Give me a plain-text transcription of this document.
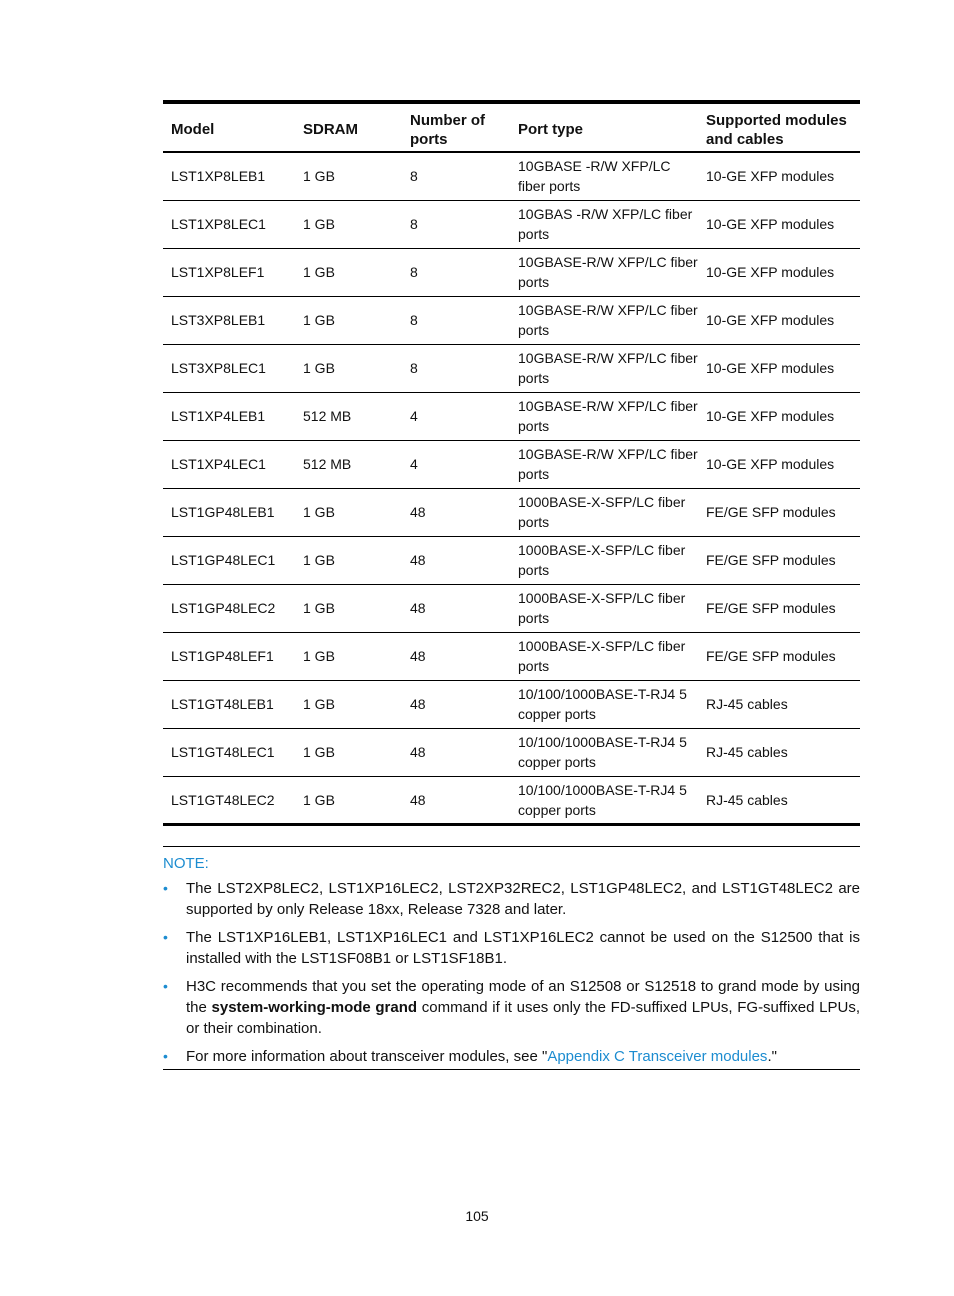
Model	SDRAM	Number of ports	Port type	Supported modules and cables
LST1XP8LEB1	1 GB	8	10GBASE -R/W XFP/LC fiber ports	10-GE XFP modules
LST1XP8LEC1	1 GB	8	10GBAS -R/W XFP/LC fiber ports	10-GE XFP modules
LST1XP8LEF1	1 GB	8	10GBASE-R/W XFP/LC fiber ports	10-GE XFP modules
LST3XP8LEB1	1 GB	8	10GBASE-R/W XFP/LC fiber ports	10-GE XFP modules
LST3XP8LEC1	1 GB	8	10GBASE-R/W XFP/LC fiber ports	10-GE XFP modules
LST1XP4LEB1	512 MB	4	10GBASE-R/W XFP/LC fiber ports	10-GE XFP modules
LST1XP4LEC1	512 MB	4	10GBASE-R/W XFP/LC fiber ports	10-GE XFP modules
LST1GP48LEB1	1 GB	48	1000BASE-X-SFP/LC fiber ports	FE/GE SFP modules
LST1GP48LEC1	1 GB	48	1000BASE-X-SFP/LC fiber ports	FE/GE SFP modules
LST1GP48LEC2	1 GB	48	1000BASE-X-SFP/LC fiber ports	FE/GE SFP modules
LST1GP48LEF1	1 GB	48	1000BASE-X-SFP/LC fiber ports	FE/GE SFP modules
LST1GT48LEB1	1 GB	48	10/100/1000BASE-T-RJ4 5 copper ports	RJ-45 cables
LST1GT48LEC1	1 GB	48	10/100/1000BASE-T-RJ4 5 copper ports	RJ-45 cables
LST1GT48LEC2	1 GB	48	10/100/1000BASE-T-RJ4 5 copper ports	RJ-45 cables
NOTE:
• The LST2XP8LEC2, LST1XP16LEC2, LST2XP32REC2, LST1GP48LEC2, and LST1GT48LEC2 are supported by only Release 18xx, Release 7328 and later.
• The LST1XP16LEB1, LST1XP16LEC1 and LST1XP16LEC2 cannot be used on the S12500 that is installed with the LST1SF08B1 or LST1SF18B1.
• H3C recommends that you set the operating mode of an S12508 or S12518 to grand mode by using the system-working-mode grand command if it uses only the FD-suffixed LPUs, FG-suffixed LPUs, or their combination.
• For more information about transceiver modules, see "Appendix C Transceiver modules."
105
